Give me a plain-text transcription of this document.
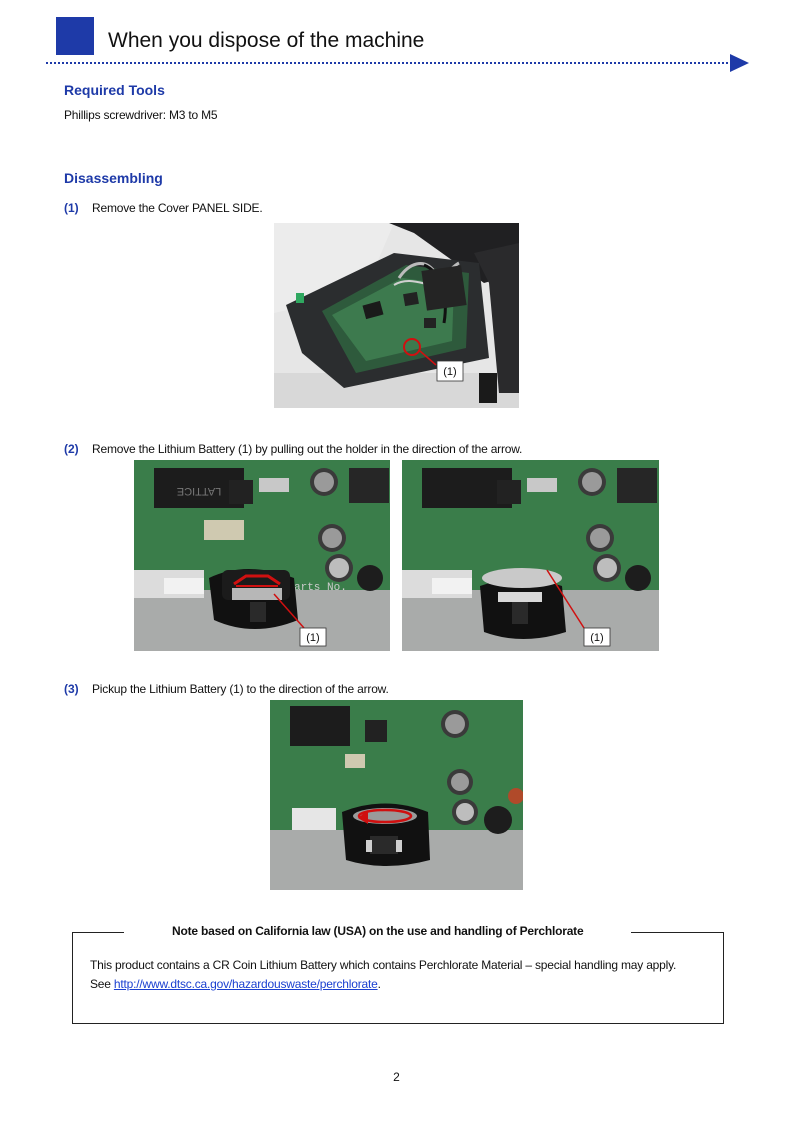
When you dispose of the machine
Required Tools
Phillips screwdriver: M3 to M5
Disassembling
(1) Remove the Cover PANEL SIDE.
(1)
(2) Remove the Lithium Battery (1) by pulling out the holder in the direction of the arrow.
LATTICE
arts No.
(1)	(1)
(3) Pickup the Lithium Battery (1) to the direction of the arrow.
Note based on California law (USA) on the use and handling of Perchlorate
This product contains a CR Coin Lithium Battery which contains Perchlorate Material – special handling may apply.
See http://www.dtsc.ca.gov/hazardouswaste/perchlorate.
2
